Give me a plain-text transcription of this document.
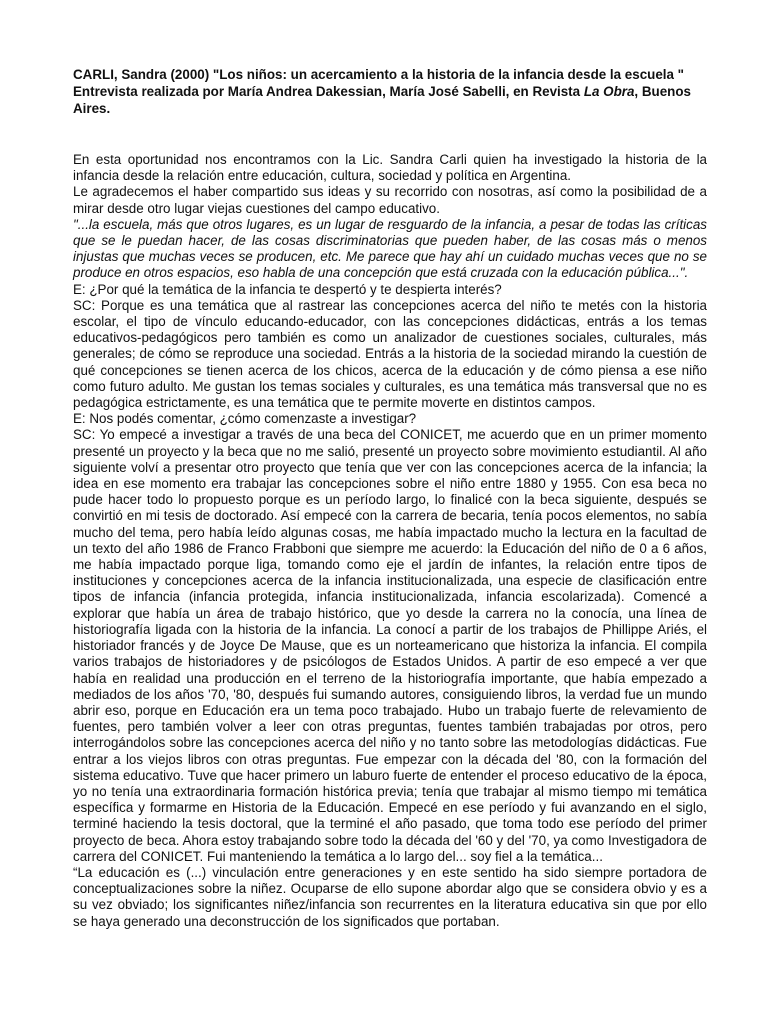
CARLI, Sandra (2000) "Los niños: un acercamiento a la historia de la infancia desde la escuela " Entrevista realizada por María Andrea Dakessian, María José Sabelli, en Revista La Obra, Buenos Aires.

En esta oportunidad nos encontramos con la Lic. Sandra Carli quien ha investigado la historia de la infancia desde la relación entre educación, cultura, sociedad y política en Argentina.

Le agradecemos el haber compartido sus ideas y su recorrido con nosotras, así como la posibilidad de a mirar desde otro lugar viejas cuestiones del campo educativo.

"...la escuela, más que otros lugares, es un lugar de resguardo de la infancia, a pesar de todas las críticas que se le puedan hacer, de las cosas discriminatorias que pueden haber, de las cosas más o menos injustas que muchas veces se producen, etc. Me parece que hay ahí un cuidado muchas veces que no se produce en otros espacios, eso habla de una concepción que está cruzada con la educación pública...".

E: ¿Por qué la temática de la infancia te despertó y te despierta interés?

SC: Porque es una temática que al rastrear las concepciones acerca del niño te metés con la historia escolar, el tipo de vínculo educando-educador, con las concepciones didácticas, entrás a los temas educativos-pedagógicos pero también es como un analizador de cuestiones sociales, culturales, más generales; de cómo se reproduce una sociedad. Entrás a la historia de la sociedad mirando la cuestión de qué concepciones se tienen acerca de los chicos, acerca de la educación y de cómo piensa a ese niño como futuro adulto. Me gustan los temas sociales y culturales, es una temática más transversal que no es pedagógica estrictamente, es una temática que te permite moverte en distintos campos.

E: Nos podés comentar, ¿cómo comenzaste a investigar?

SC: Yo empecé a investigar a través de una beca del CONICET, me acuerdo que en un primer momento presenté un proyecto y la beca que no me salió, presenté un proyecto sobre movimiento estudiantil. Al año siguiente volví a presentar otro proyecto que tenía que ver con las concepciones acerca de la infancia; la idea en ese momento era trabajar las concepciones sobre el niño entre 1880 y 1955. Con esa beca no pude hacer todo lo propuesto porque es un período largo, lo finalicé con la beca siguiente, después se convirtió en mi tesis de doctorado. Así empecé con la carrera de becaria, tenía pocos elementos, no sabía mucho del tema, pero había leído algunas cosas, me había impactado mucho la lectura en la facultad de un texto del año 1986 de Franco Frabboni que siempre me acuerdo: la Educación del niño de 0 a 6 años, me había impactado porque liga, tomando como eje el jardín de infantes, la relación entre tipos de instituciones y concepciones acerca de la infancia institucionalizada, una especie de clasificación entre tipos de infancia (infancia protegida, infancia institucionalizada, infancia escolarizada). Comencé a explorar que había un área de trabajo histórico, que yo desde la carrera no la conocía, una línea de historiografía ligada con la historia de la infancia. La conocí a partir de los trabajos de Phillippe Ariés, el historiador francés y de Joyce De Mause, que es un norteamericano que historiza la infancia. El compila varios trabajos de historiadores y de psicólogos de Estados Unidos. A partir de eso empecé a ver que había en realidad una producción en el terreno de la historiografía importante, que había empezado a mediados de los años '70, '80, después fui sumando autores, consiguiendo libros, la verdad fue un mundo abrir eso, porque en Educación era un tema poco trabajado. Hubo un trabajo fuerte de relevamiento de fuentes, pero también volver a leer con otras preguntas, fuentes también trabajadas por otros, pero interrogándolos sobre las concepciones acerca del niño y no tanto sobre las metodologías didácticas. Fue entrar a los viejos libros con otras preguntas. Fue empezar con la década del '80, con la formación del sistema educativo. Tuve que hacer primero un laburo fuerte de entender el proceso educativo de la época, yo no tenía una extraordinaria formación histórica previa; tenía que trabajar al mismo tiempo mi temática específica y formarme en Historia de la Educación. Empecé en ese período y fui avanzando en el siglo, terminé haciendo la tesis doctoral, que la terminé el año pasado, que toma todo ese período del primer proyecto de beca. Ahora estoy trabajando sobre todo la década del '60 y del '70, ya como Investigadora de carrera del CONICET. Fui manteniendo la temática a lo largo del... soy fiel a la temática...

“La educación es (...) vinculación entre generaciones y en este sentido ha sido siempre portadora de conceptualizaciones sobre la niñez. Ocuparse de ello supone abordar algo que se considera obvio y es a su vez obviado; los significantes niñez/infancia son recurrentes en la literatura educativa sin que por ello se haya generado una deconstrucción de los significados que portaban.
